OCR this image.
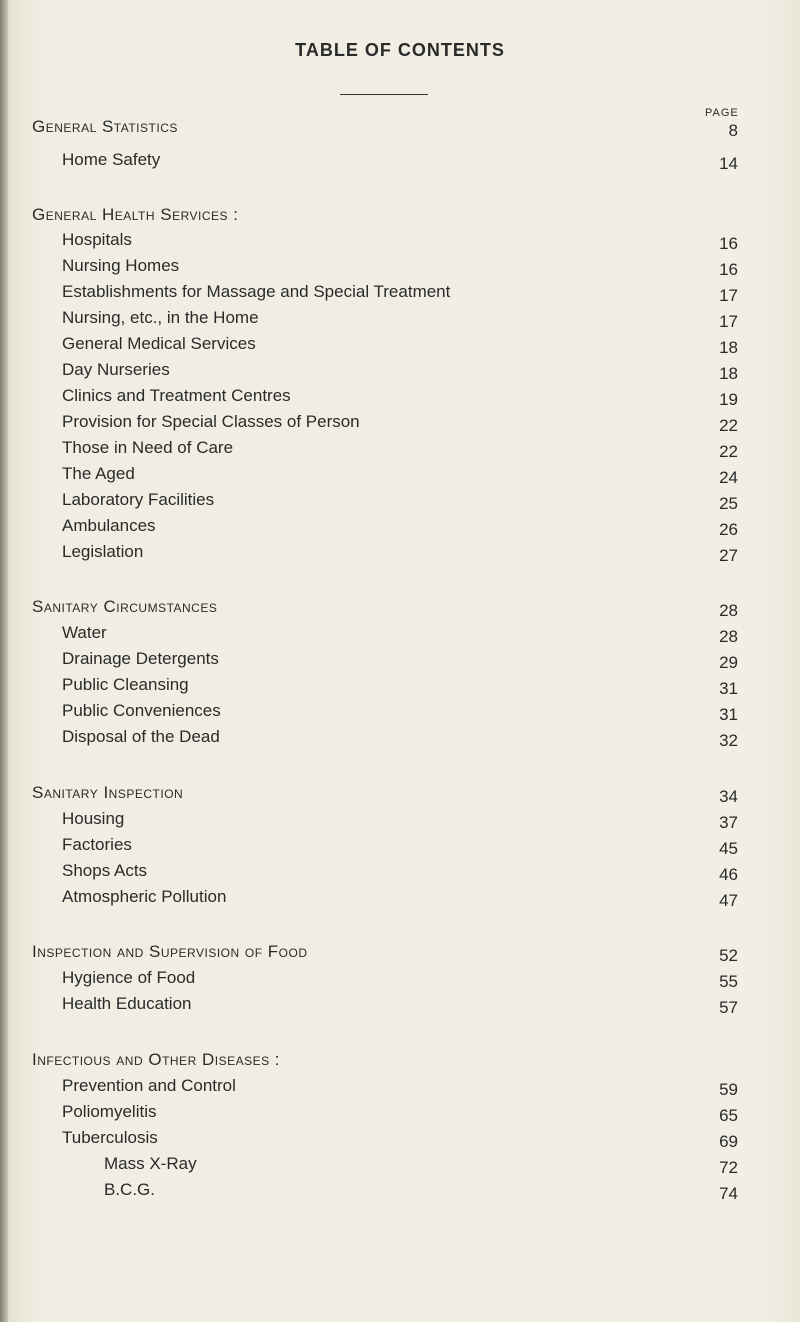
TABLE OF CONTENTS
PAGE
General Statistics	8
Home Safety	14
General Health Services :
Hospitals	16
Nursing Homes	16
Establishments for Massage and Special Treatment	17
Nursing, etc., in the Home	17
General Medical Services	18
Day Nurseries	18
Clinics and Treatment Centres	19
Provision for Special Classes of Person	22
Those in Need of Care	22
The Aged	24
Laboratory Facilities	25
Ambulances	26
Legislation	27
Sanitary Circumstances	28
Water	28
Drainage Detergents	29
Public Cleansing	31
Public Conveniences	31
Disposal of the Dead	32
Sanitary Inspection	34
Housing	37
Factories	45
Shops Acts	46
Atmospheric Pollution	47
Inspection and Supervision of Food	52
Hygience of Food	55
Health Education	57
Infectious and Other Diseases :
Prevention and Control	59
Poliomyelitis	65
Tuberculosis	69
Mass X-Ray	72
B.C.G.	74
